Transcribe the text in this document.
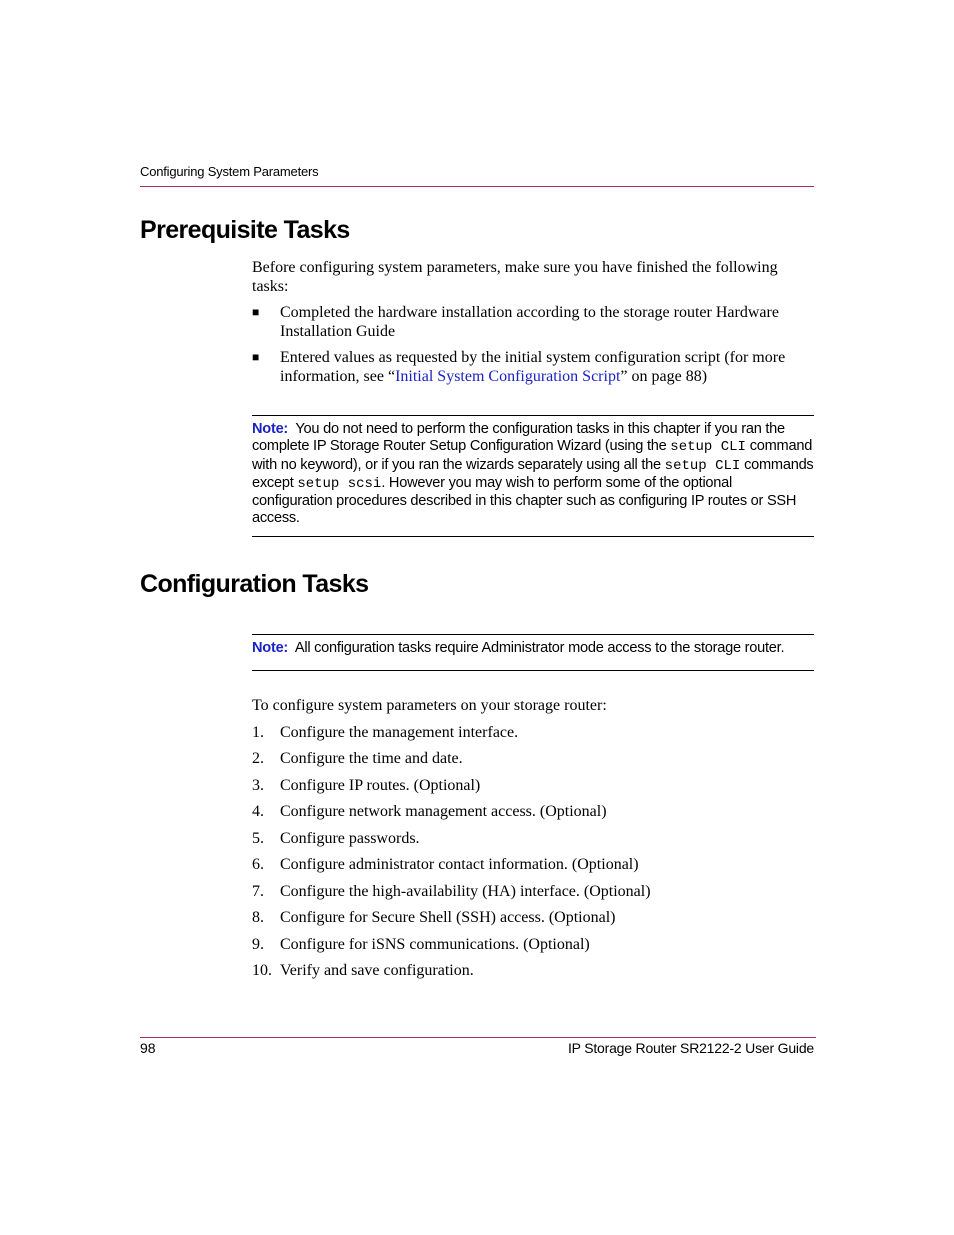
Configuring System Parameters
Prerequisite Tasks
Before configuring system parameters, make sure you have finished the following tasks:
■ Completed the hardware installation according to the storage router Hardware Installation Guide
■ Entered values as requested by the initial system configuration script (for more information, see “Initial System Configuration Script” on page 88)
Note: You do not need to perform the configuration tasks in this chapter if you ran the complete IP Storage Router Setup Configuration Wizard (using the setup CLI command with no keyword), or if you ran the wizards separately using all the setup CLI commands except setup scsi. However you may wish to perform some of the optional configuration procedures described in this chapter such as configuring IP routes or SSH access.
Configuration Tasks
Note: All configuration tasks require Administrator mode access to the storage router.
To configure system parameters on your storage router:
1. Configure the management interface.
2. Configure the time and date.
3. Configure IP routes. (Optional)
4. Configure network management access. (Optional)
5. Configure passwords.
6. Configure administrator contact information. (Optional)
7. Configure the high-availability (HA) interface. (Optional)
8. Configure for Secure Shell (SSH) access. (Optional)
9. Configure for iSNS communications. (Optional)
10. Verify and save configuration.
98	IP Storage Router SR2122-2 User Guide
